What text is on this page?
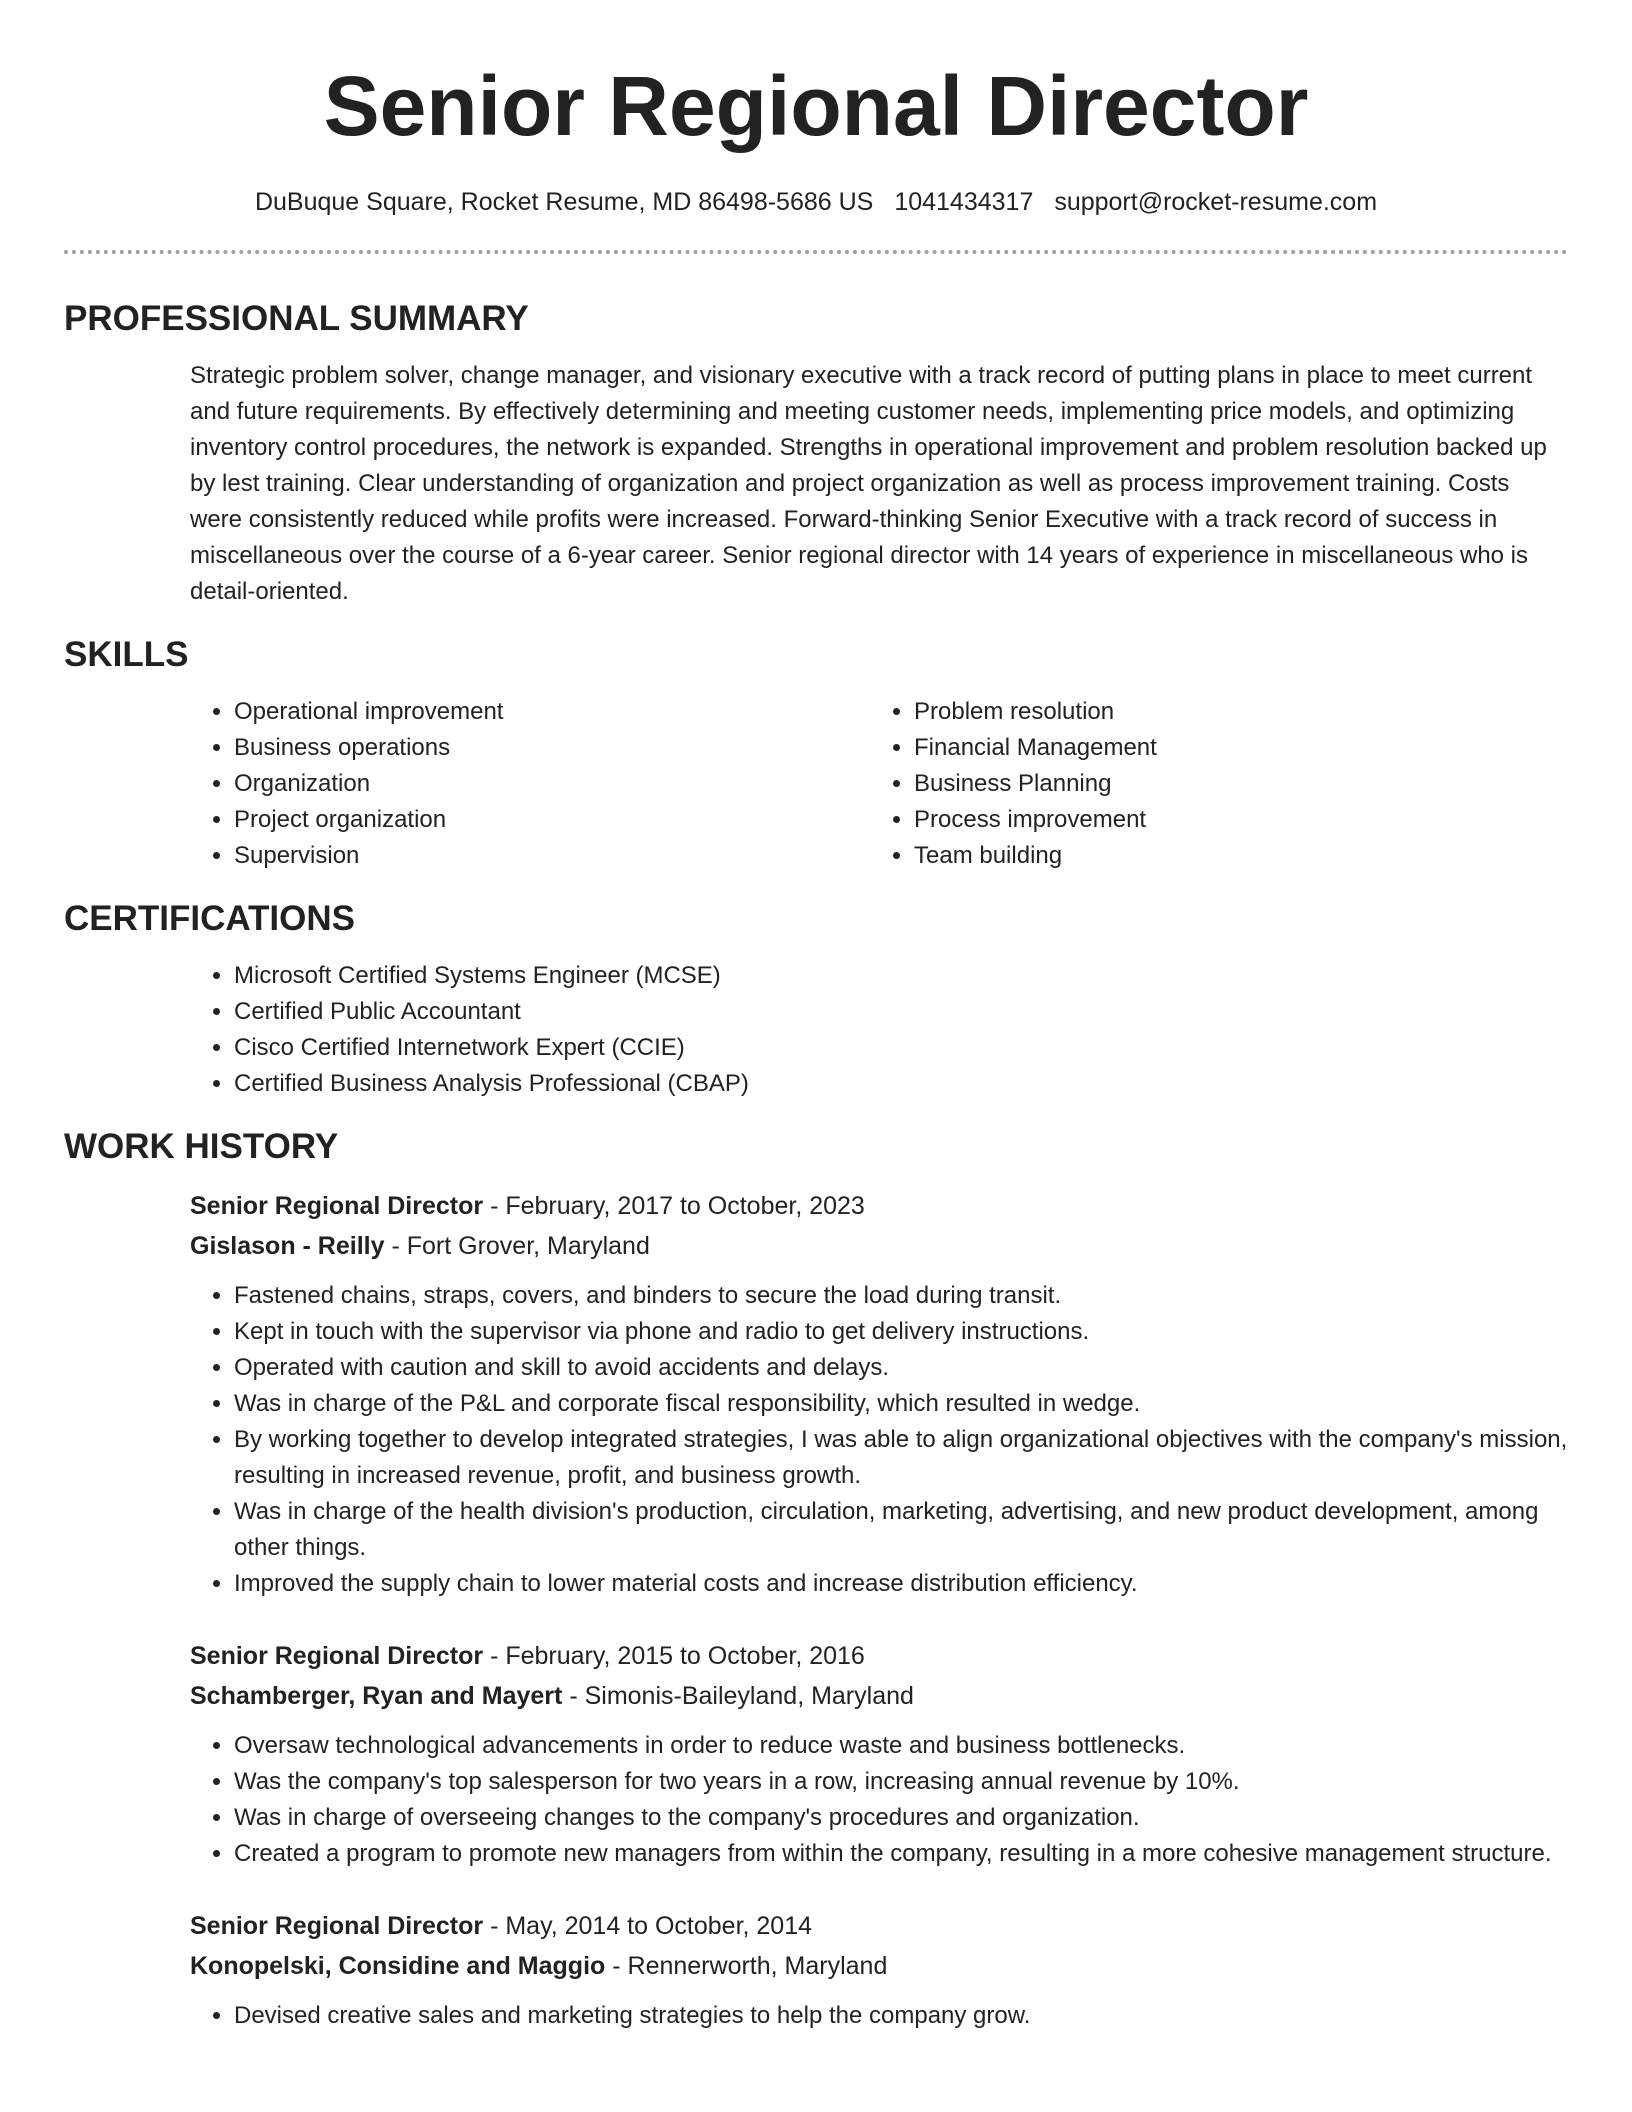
Senior Regional Director
DuBuque Square, Rocket Resume, MD 86498-5686 US 1041434317 support@rocket-resume.com
PROFESSIONAL SUMMARY

Strategic problem solver, change manager, and visionary executive with a track record of putting plans in place to meet current and future requirements. By effectively determining and meeting customer needs, implementing price models, and optimizing inventory control procedures, the network is expanded. Strengths in operational improvement and problem resolution backed up by lest training. Clear understanding of organization and project organization as well as process improvement training. Costs were consistently reduced while profits were increased. Forward-thinking Senior Executive with a track record of success in miscellaneous over the course of a 6-year career. Senior regional director with 14 years of experience in miscellaneous who is detail-oriented.

SKILLS
• Operational improvement
• Business operations
• Organization
• Project organization
• Supervision
• Problem resolution
• Financial Management
• Business Planning
• Process improvement
• Team building
CERTIFICATIONS
• Microsoft Certified Systems Engineer (MCSE)
• Certified Public Accountant
• Cisco Certified Internetwork Expert (CCIE)
• Certified Business Analysis Professional (CBAP)
WORK HISTORY
Senior Regional Director - February, 2017 to October, 2023
Gislason - Reilly - Fort Grover, Maryland
• Fastened chains, straps, covers, and binders to secure the load during transit.
• Kept in touch with the supervisor via phone and radio to get delivery instructions.
• Operated with caution and skill to avoid accidents and delays.
• Was in charge of the P&L and corporate fiscal responsibility, which resulted in wedge.
• By working together to develop integrated strategies, I was able to align organizational objectives with the company's mission, resulting in increased revenue, profit, and business growth.
• Was in charge of the health division's production, circulation, marketing, advertising, and new product development, among other things.
• Improved the supply chain to lower material costs and increase distribution efficiency.
Senior Regional Director - February, 2015 to October, 2016
Schamberger, Ryan and Mayert - Simonis-Baileyland, Maryland
• Oversaw technological advancements in order to reduce waste and business bottlenecks.
• Was the company's top salesperson for two years in a row, increasing annual revenue by 10%.
• Was in charge of overseeing changes to the company's procedures and organization.
• Created a program to promote new managers from within the company, resulting in a more cohesive management structure.
Senior Regional Director - May, 2014 to October, 2014
Konopelski, Considine and Maggio - Rennerworth, Maryland
• Devised creative sales and marketing strategies to help the company grow.
